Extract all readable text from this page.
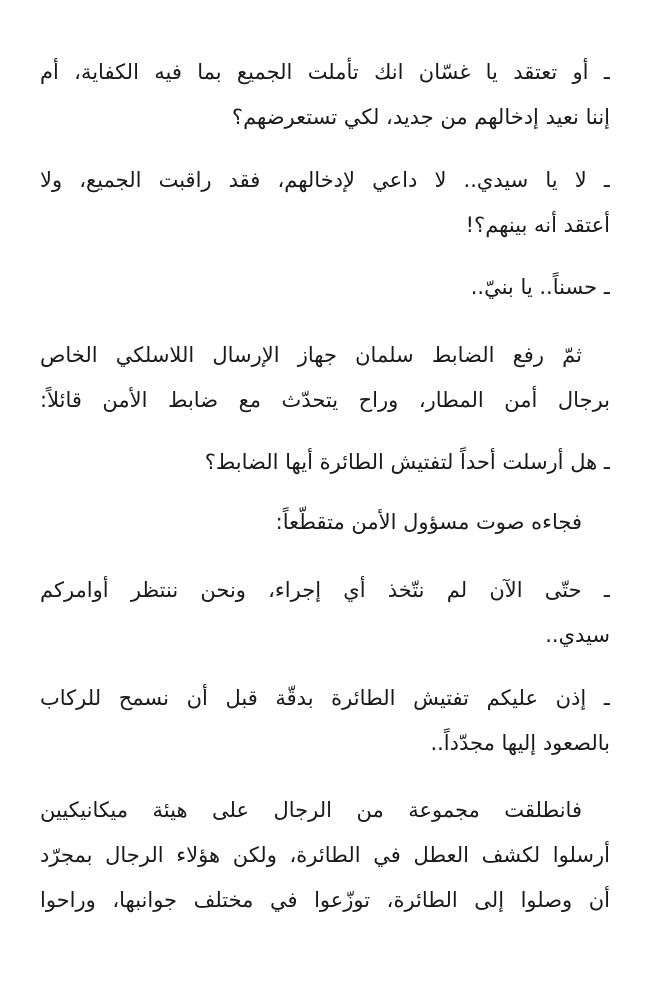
ـ أو تعتقد يا غسّان انك تأملت الجميع بما فيه الكفاية، أم

إننا نعيد إدخالهم من جديد، لكي تستعرضهم؟

ـ لا يا سيدي.. لا داعي لإدخالهم، فقد راقبت الجميع، ولا

أعتقد أنه بينهم؟!

ـ حسناً.. يا بنيّ..

ثمّ رفع الضابط سلمان جهاز الإرسال اللاسلكي الخاص

برجال أمن المطار، وراح يتحدّث مع ضابط الأمن قائلاً:

ـ هل أرسلت أحداً لتفتيش الطائرة أيها الضابط؟

فجاءه صوت مسؤول الأمن متقطّعاً:

ـ حتّى الآن لم نتّخذ أي إجراء، ونحن ننتظر أوامركم

سيدي..

ـ إذن عليكم تفتيش الطائرة بدقّة قبل أن نسمح للركاب

بالصعود إليها مجدّداً..

فانطلقت مجموعة من الرجال على هيئة ميكانيكيين

أرسلوا لكشف العطل في الطائرة، ولكن هؤلاء الرجال بمجرّد

أن وصلوا إلى الطائرة، توزّعوا في مختلف جوانبها، وراحوا
